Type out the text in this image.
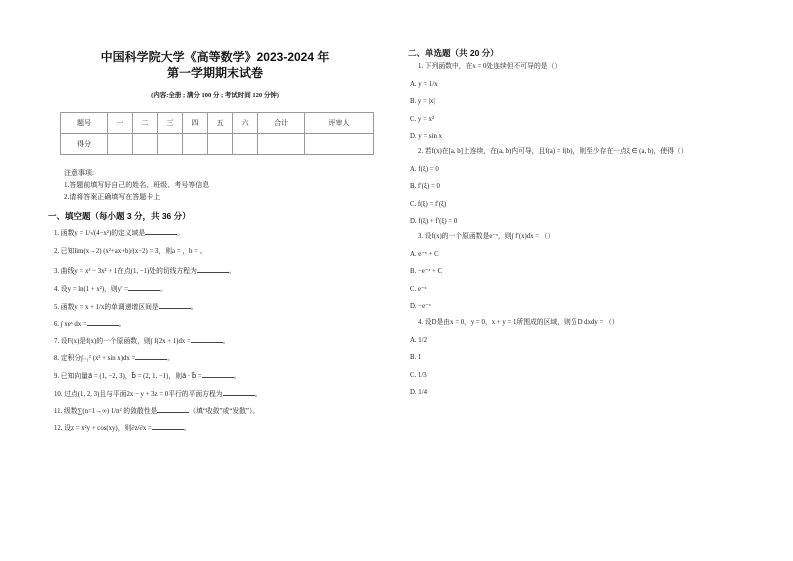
中国科学院大学《高等数学》2023-2024 年
第一学期期末试卷
(内容:全册 ; 满分 100 分 ; 考试时间 120 分钟)
题号	一	二	三	四	五	六	合计	评审人
得分								
注意事项:
1.答题前填写好自己的姓名、班级、考号等信息
2.请将答案正确填写在答题卡上
一、填空题（每小题 3 分，共 36 分）
1. 函数y = 1/√(4−x²)的定义域是	。
2. 已知lim(x→2) (x²+ax+b)/(x−2) = 3，则a = ，b = 。
3. 曲线y = x³ − 3x² + 1在点(1, −1)处的切线方程为	。
4. 设y = ln(1 + x²)，则y′ =	。
5. 函数y = x + 1/x的单调递增区间是	。
6. ∫ xeˣ dx =	。
7. 设F(x)是f(x)的一个原函数，则∫ f(2x + 1)dx =	。
8. 定积分∫₋₁¹ (x³ + sin x)dx =	。
9. 已知向量a⃗ = (1, −2, 3)，b⃗ = (2, 1, −1)，则a⃗ · b⃗ =	。
10. 过点(1, 2, 3)且与平面2x − y + 3z = 0平行的平面方程为	。
11. 级数∑(n=1→∞) 1/n² 的敛散性是	（填“收敛”或“发散”）。
12. 设z = x²y + cos(xy)，则∂z/∂x =	。
二、单选题（共 20 分）
1. 下列函数中，在x = 0处连续但不可导的是（）
A. y = 1/x
B. y = |x|
C. y = x²
D. y = sin x
2. 若f(x)在[a, b]上连续，在(a, b)内可导，且f(a) = f(b)，则至少存在一点ξ ∈ (a, b)，使得（）
A. f(ξ) = 0
B. f′(ξ) = 0
C. f(ξ) = f′(ξ)
D. f(ξ) + f′(ξ) = 0
3. 设f(x)的一个原函数是e⁻ˣ，则∫ f′(x)dx = （）
A. e⁻ˣ + C
B. −e⁻ˣ + C
C. e⁻ˣ
D. −e⁻ˣ
4. 设D是由x = 0，y = 0，x + y = 1所围成的区域，则∬D dxdy = （）
A. 1/2
B. 1
C. 1/3
D. 1/4
